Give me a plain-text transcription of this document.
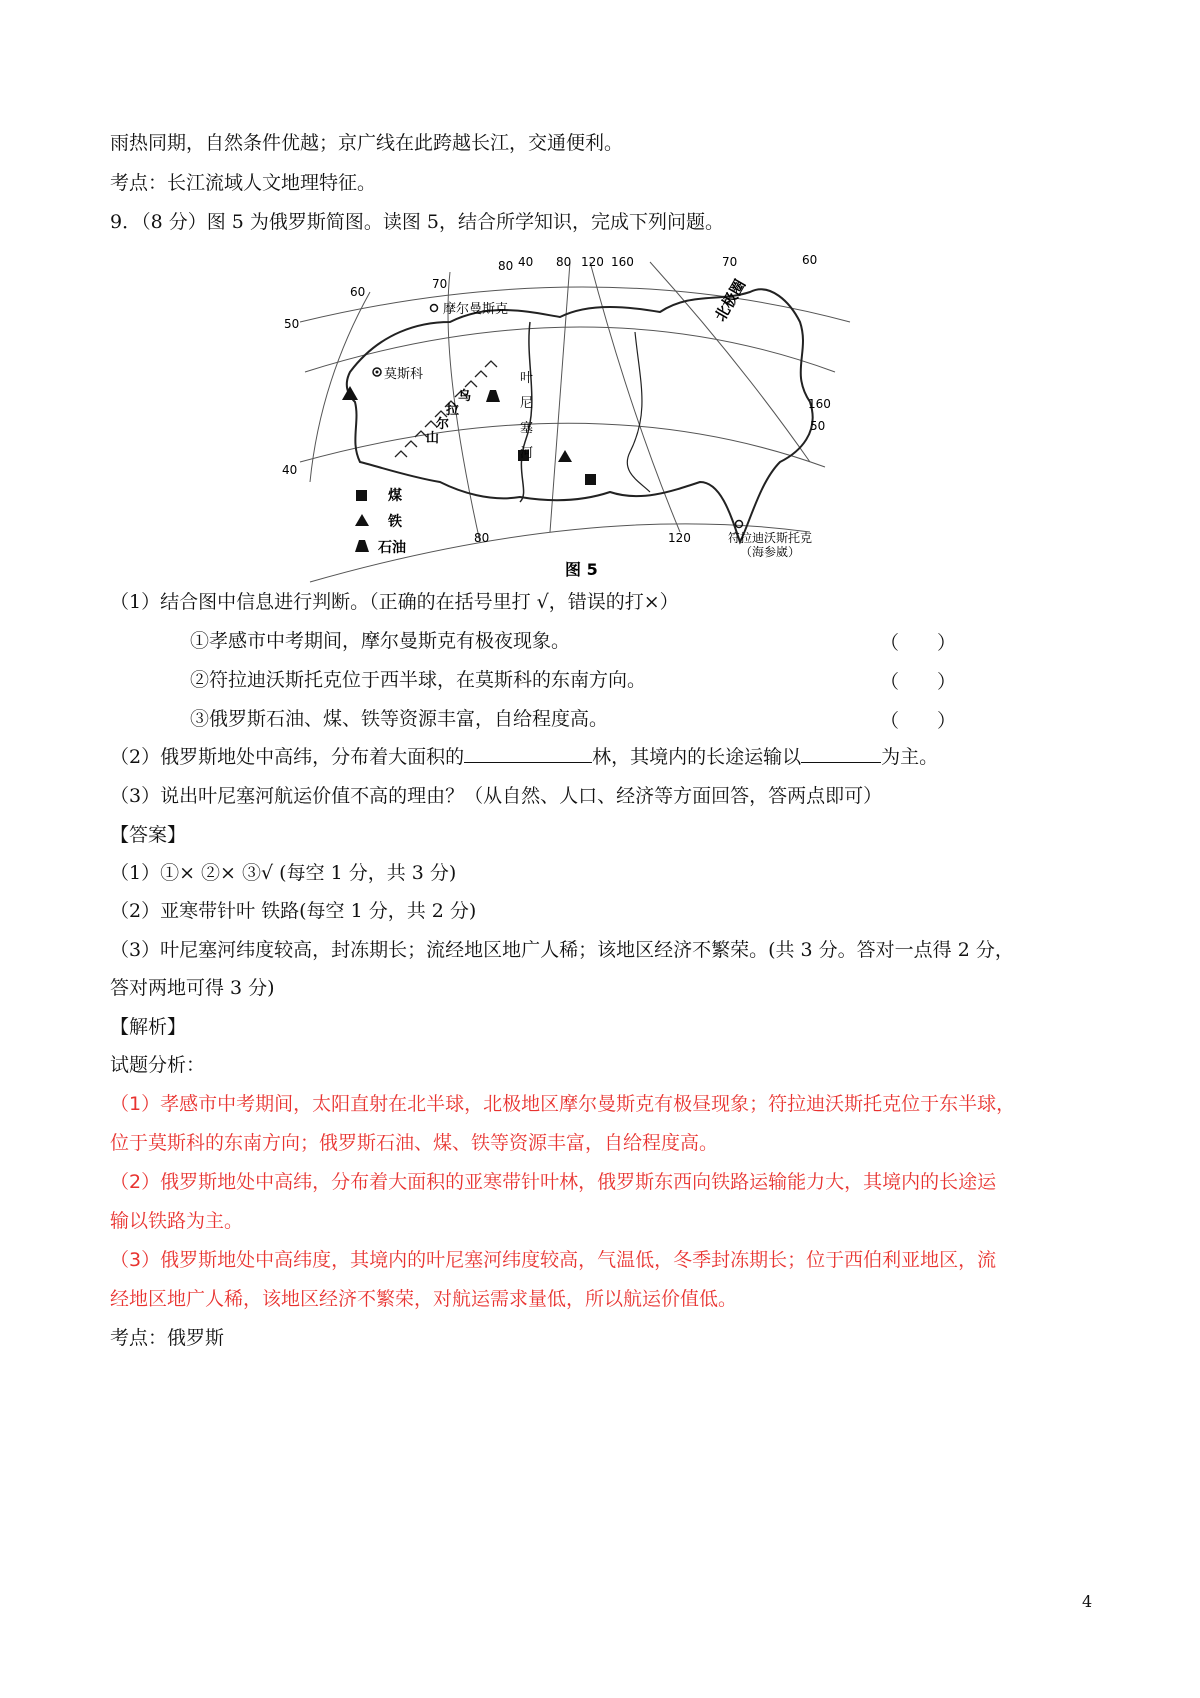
雨热同期，自然条件优越；京广线在此跨越长江，交通便利。
考点：长江流域人文地理特征。
9．（8 分）图 5 为俄罗斯简图。读图 5，结合所学知识，完成下列问题。
摩尔曼斯克
莫斯科
北极圈
符拉迪沃斯托克
（海参崴）
叶
尼
塞
河
乌
拉
尔
山
80 40 80 120 160	70	60
70
60
50
40
80	120
160
50
煤
铁
石油
图 5
（1）结合图中信息进行判断。（正确的在括号里打 √，错误的打×）
①孝感市中考期间，摩尔曼斯克有极夜现象。	（　　）
②符拉迪沃斯托克位于西半球，在莫斯科的东南方向。	（　　）
③俄罗斯石油、煤、铁等资源丰富，自给程度高。	（　　）
（2）俄罗斯地处中高纬，分布着大面积的	林，其境内的长途运输以	为主。
（3）说出叶尼塞河航运价值不高的理由？（从自然、人口、经济等方面回答，答两点即可）
【答案】
（1）①× ②× ③√ (每空 1 分，共 3 分)
（2）亚寒带针叶 铁路(每空 1 分，共 2 分)
（3）叶尼塞河纬度较高，封冻期长；流经地区地广人稀；该地区经济不繁荣。(共 3 分。答对一点得 2 分，
答对两地可得 3 分)
【解析】
试题分析：
（1）孝感市中考期间，太阳直射在北半球，北极地区摩尔曼斯克有极昼现象；符拉迪沃斯托克位于东半球，
位于莫斯科的东南方向；俄罗斯石油、煤、铁等资源丰富，自给程度高。
（2）俄罗斯地处中高纬，分布着大面积的亚寒带针叶林，俄罗斯东西向铁路运输能力大，其境内的长途运
输以铁路为主。
（3）俄罗斯地处中高纬度，其境内的叶尼塞河纬度较高，气温低，冬季封冻期长；位于西伯利亚地区，流
经地区地广人稀，该地区经济不繁荣，对航运需求量低，所以航运价值低。
考点：俄罗斯
4
